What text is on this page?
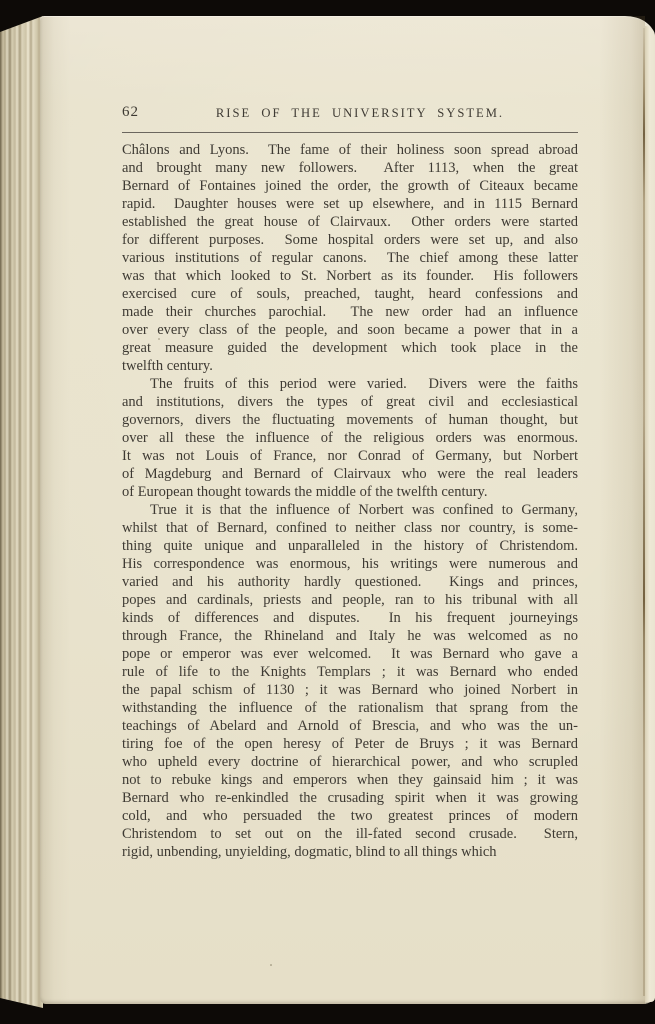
62	RISE OF THE UNIVERSITY SYSTEM.
Châlons and Lyons.  The fame of their holiness soon spread abroad
and brought many new followers.  After 1113, when the great
Bernard of Fontaines joined the order, the growth of Citeaux became
rapid.  Daughter houses were set up elsewhere, and in 1115 Bernard
established the great house of Clairvaux.  Other orders were started
for different purposes.  Some hospital orders were set up, and also
various institutions of regular canons.  The chief among these latter
was that which looked to St. Norbert as its founder.  His followers
exercised cure of souls, preached, taught, heard confessions and
made their churches parochial.  The new order had an influence
over every class of the people, and soon became a power that in a
great measure guided the development which took place in the
twelfth century.
The fruits of this period were varied.  Divers were the faiths
and institutions, divers the types of great civil and ecclesiastical
governors, divers the fluctuating movements of human thought, but
over all these the influence of the religious orders was enormous.
It was not Louis of France, nor Conrad of Germany, but Norbert
of Magdeburg and Bernard of Clairvaux who were the real leaders
of European thought towards the middle of the twelfth century.
True it is that the influence of Norbert was confined to Germany,
whilst that of Bernard, confined to neither class nor country, is some-
thing quite unique and unparalleled in the history of Christendom.
His correspondence was enormous, his writings were numerous and
varied and his authority hardly questioned.  Kings and princes,
popes and cardinals, priests and people, ran to his tribunal with all
kinds of differences and disputes.  In his frequent journeyings
through France, the Rhineland and Italy he was welcomed as no
pope or emperor was ever welcomed.  It was Bernard who gave a
rule of life to the Knights Templars ; it was Bernard who ended
the papal schism of 1130 ; it was Bernard who joined Norbert in
withstanding the influence of the rationalism that sprang from the
teachings of Abelard and Arnold of Brescia, and who was the un-
tiring foe of the open heresy of Peter de Bruys ; it was Bernard
who upheld every doctrine of hierarchical power, and who scrupled
not to rebuke kings and emperors when they gainsaid him ; it was
Bernard who re-enkindled the crusading spirit when it was growing
cold, and who persuaded the two greatest princes of modern
Christendom to set out on the ill-fated second crusade.  Stern,
rigid, unbending, unyielding, dogmatic, blind to all things which
